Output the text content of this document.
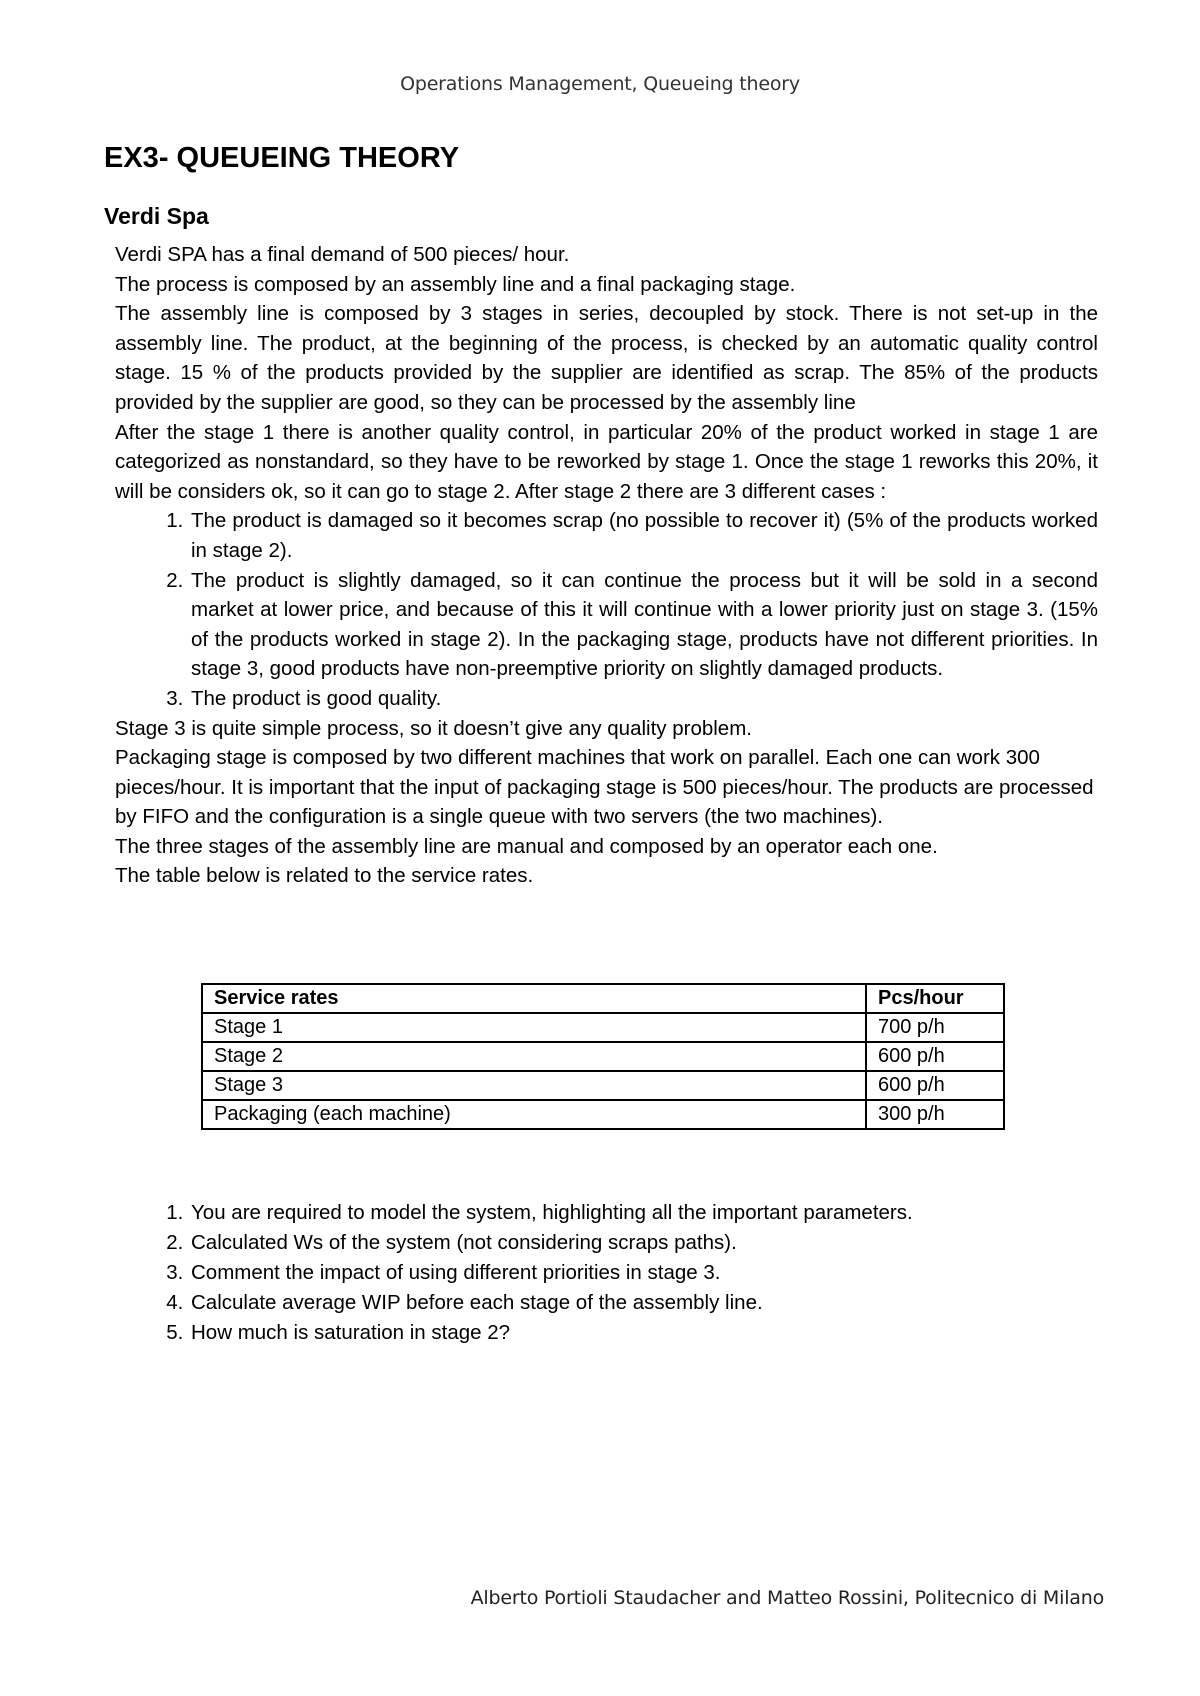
Operations Management, Queueing theory
EX3- QUEUEING THEORY
Verdi Spa

Verdi SPA has a final demand of 500 pieces/ hour.

The process is composed by an assembly line and a final packaging stage.

The assembly line is composed by 3 stages in series, decoupled by stock. There is not set-up in the assembly line. The product, at the beginning of the process, is checked by an automatic quality control stage. 15 % of the products provided by the supplier are identified as scrap. The 85% of the products provided by the supplier are good, so they can be processed by the assembly line

After the stage 1 there is another quality control, in particular 20% of the product worked in stage 1 are categorized as nonstandard, so they have to be reworked by stage 1. Once the stage 1 reworks this 20%, it will be considers ok, so it can go to stage 2. After stage 2 there are 3 different cases :

1. The product is damaged so it becomes scrap (no possible to recover it) (5% of the products worked in stage 2).
2. The product is slightly damaged, so it can continue the process but it will be sold in a second market at lower price, and because of this it will continue with a lower priority just on stage 3. (15% of the products worked in stage 2). In the packaging stage, products have not different priorities. In stage 3, good products have non-preemptive priority on slightly damaged products.
3. The product is good quality.

Stage 3 is quite simple process, so it doesn’t give any quality problem.

Packaging stage is composed by two different machines that work on parallel. Each one can work 300 pieces/hour. It is important that the input of packaging stage is 500 pieces/hour. The products are processed by FIFO and the configuration is a single queue with two servers (the two machines).

The three stages of the assembly line are manual and composed by an operator each one.

The table below is related to the service rates.

Service rates	Pcs/hour
Stage 1	700 p/h
Stage 2	600 p/h
Stage 3	600 p/h
Packaging (each machine)	300 p/h
1. You are required to model the system, highlighting all the important parameters.
2. Calculated Ws of the system (not considering scraps paths).
3. Comment the impact of using different priorities in stage 3.
4. Calculate average WIP before each stage of the assembly line.
5. How much is saturation in stage 2?
Alberto Portioli Staudacher and Matteo Rossini, Politecnico di Milano
